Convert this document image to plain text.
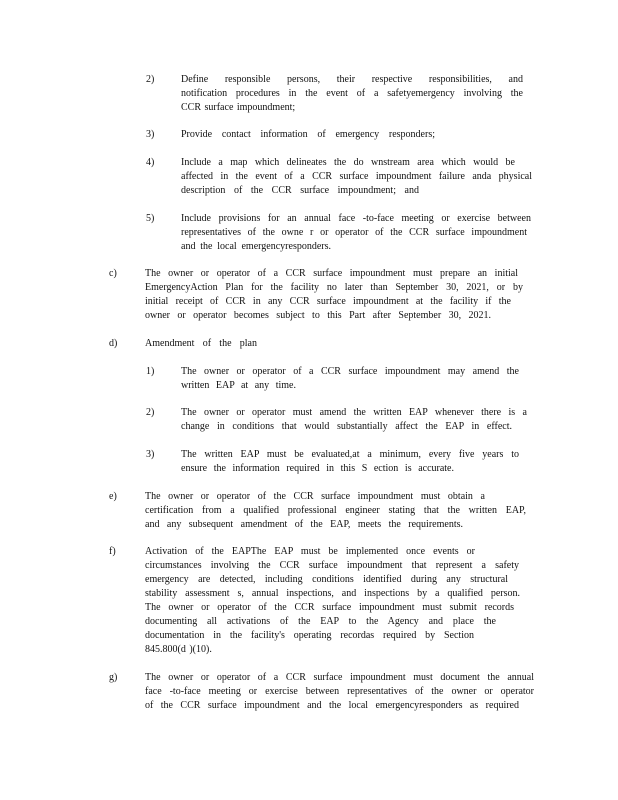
2)	Define responsible persons, their respective responsibilities, and
notification procedures in the event of a safetyemergency involving the
CCR surface impoundment;
3)	Provide contact information of emergency responders;
4)	Include a map which delineates the do wnstream area which would be
affected in the event of a CCR surface impoundment failure anda physical
description of the CCR surface impoundment; and
5)	Include provisions for an annual face -to-face meeting or exercise between
representatives of the owne r or operator of the CCR surface impoundment
and the local emergencyresponders.
c)	The owner or operator of a CCR surface impoundment must prepare an initial
EmergencyAction Plan for the facility no later than September 30, 2021, or by
initial receipt of CCR in any CCR surface impoundment at the facility if the
owner or operator becomes subject to this Part after September 30, 2021.
d)	Amendment of the plan
1)	The owner or operator of a CCR surface impoundment may amend the
written EAP at any time.
2)	The owner or operator must amend the written EAP whenever there is a
change in conditions that would substantially affect the EAP in effect.
3)	The written EAP must be evaluated,at a minimum, every five years to
ensure the information required in this S ection is accurate.
e)	The owner or operator of the CCR surface impoundment must obtain a
certification from a qualified professional engineer stating that the written EAP,
and any subsequent amendment of the EAP, meets the requirements.
f)	Activation of the EAPThe EAP must be implemented once events or
circumstances involving the CCR surface impoundment that represent a safety
emergency are detected, including conditions identified during any structural
stability assessment s, annual inspections, and inspections by a qualified person.
The owner or operator of the CCR surface impoundment must submit records
documenting all activations of the EAP to the Agency and place the
documentation in the facility's operating recordas required by Section
845.800(d )(10).
g)	The owner or operator of a CCR surface impoundment must document the annual
face -to-face meeting or exercise between representatives of the owner or operator
of the CCR surface impoundment and the local emergencyresponders as required
